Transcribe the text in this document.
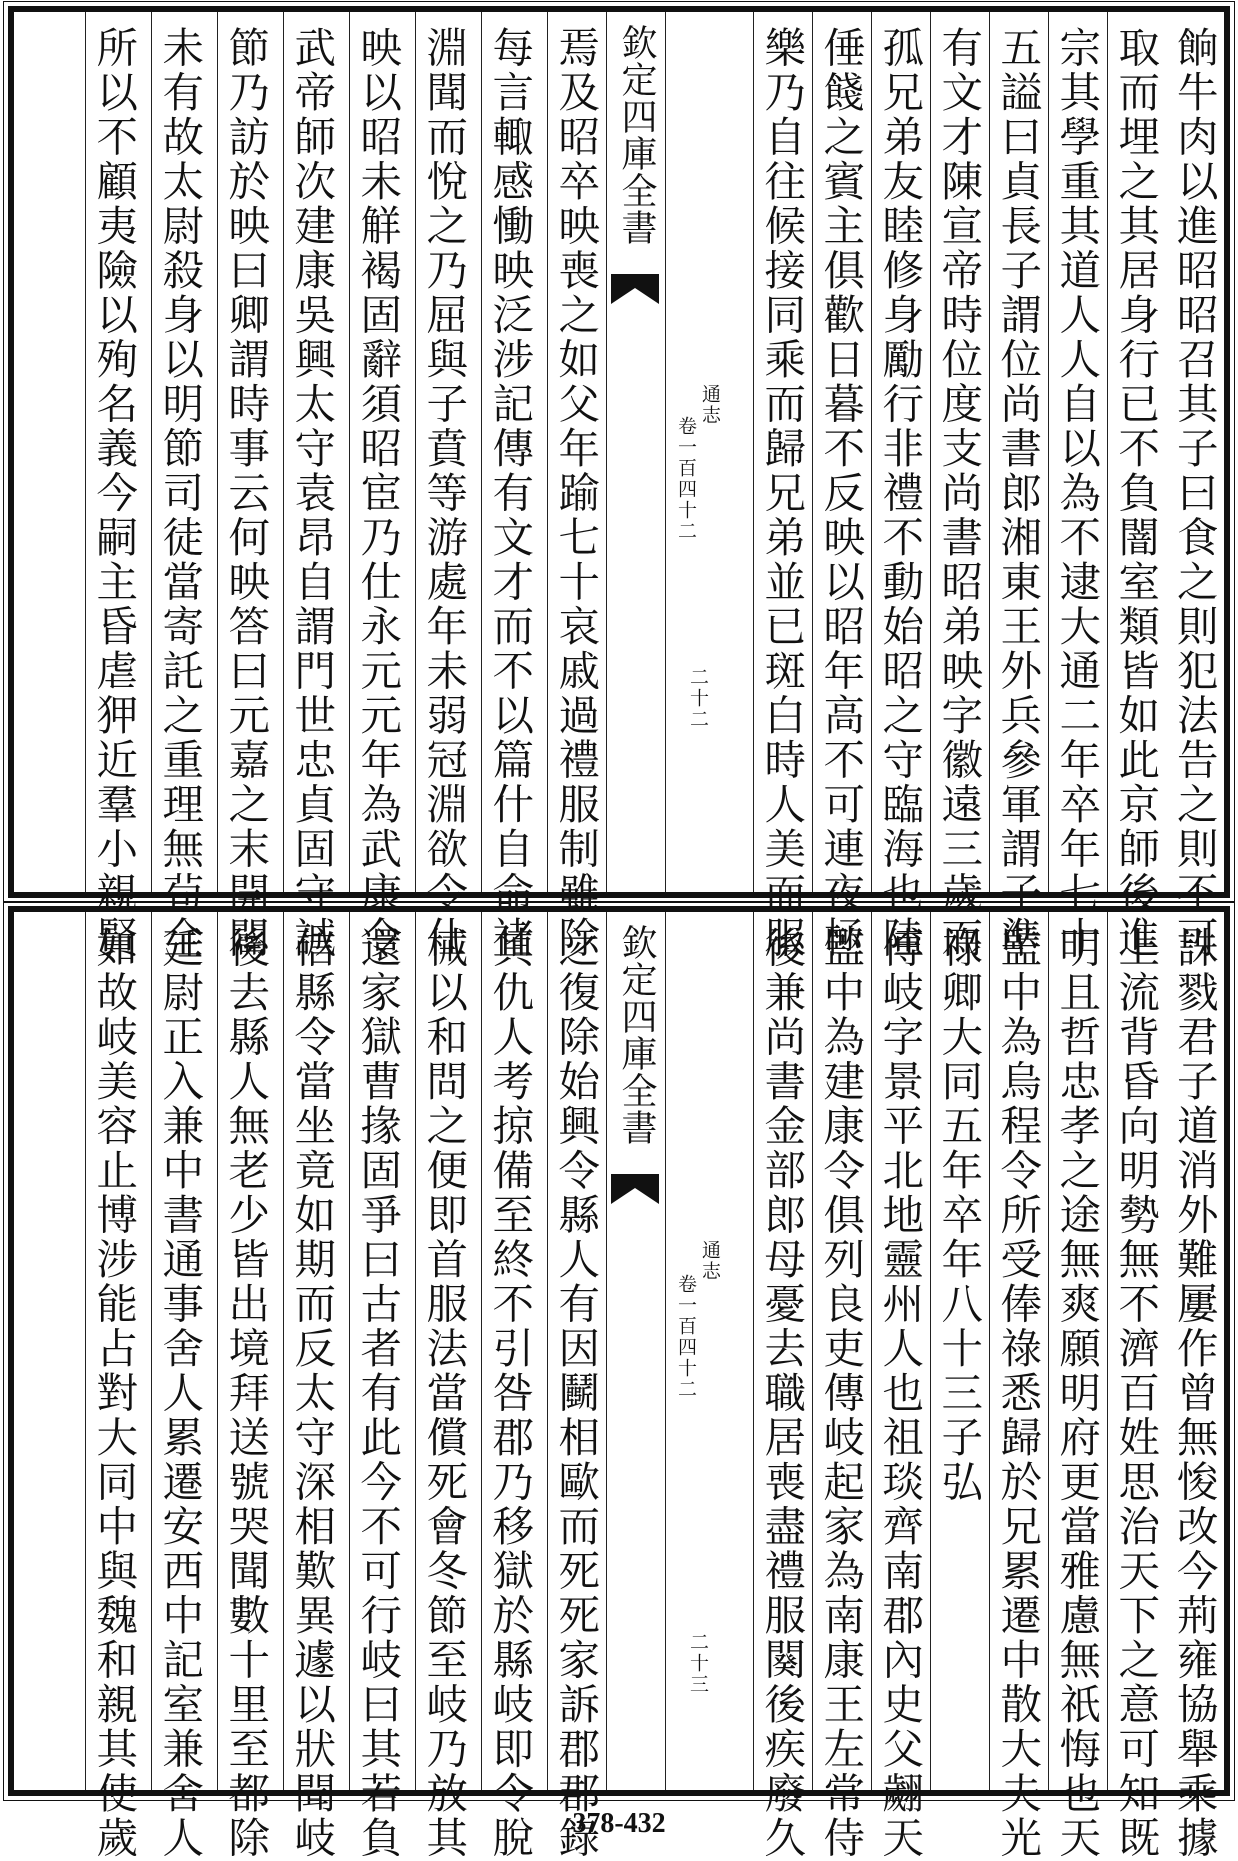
餉牛肉以進昭昭召其子曰食之則犯法告之則不可
取而埋之其居身行已不負闇室類皆如此京師後進
宗其學重其道人人自以為不逮大通二年卒年七十
五謚曰貞長子謂位尚書郎湘東王外兵參軍謂子準
有文才陳宣帝時位度支尚書昭弟映字徽遠三歲而
孤兄弟友睦修身勵行非禮不動始昭之守臨海也陸
倕餞之賓主俱歡日暮不反映以昭年高不可連夜極
樂乃自往候接同乘而歸兄弟並已斑白時人美而服
欽定四庫全書
通志
卷一百四十二
二十二
焉及昭卒映喪之如父年踰七十哀戚過禮服制雖除
每言輙感慟映泛涉記傳有文才而不以篇什自命褚
淵聞而悅之乃屈與子賁等游處年未弱冠淵欲令仕
映以昭未觧褐固辭須昭宦乃仕永元元年為武康令
武帝師次建康吳興太守袁昂自謂門世忠貞固守誠
節乃訪於映曰卿謂時事云何映答曰元嘉之末開闢
未有故太尉殺身以明節司徒當寄託之重理無茍全
所以不顧夷險以殉名義今嗣主昏虐狎近羣小親賢
誅戮君子道消外難屢作曾無悛改今荊雍協舉乘據
上流背昏向明勢無不濟百姓思治天下之意可知既
明且哲忠孝之途無爽願明府更當雅慮無祇悔也天
監中為烏程令所受俸祿悉歸於兄累遷中散大夫光
祿卿大同五年卒年八十三子弘
傅岐字景平北地靈州人也祖琰齊南郡內史父翽天
監中為建康令俱列良吏傳岐起家為南康王左常侍
後兼尚書金部郎母憂去職居喪盡禮服闋後疾廢久
欽定四庫全書
通志
卷一百四十二
二十三
之復除始興令縣人有因鬭相歐而死死家訴郡郡錄
其仇人考掠備至終不引咎郡乃移獄於縣岐即令脫
械以和問之便即首服法當償死會冬節至岐乃放其
還家獄曹掾固爭曰古者有此今不可行岐曰其若負
信縣令當坐竟如期而反太守深相歎異遽以狀聞岐
後去縣人無老少皆出境拜送號哭聞數十里至都除
廷尉正入兼中書通事舍人累遷安西中記室兼舍人
如故岐美容止博涉能占對大同中與魏和親其使歲	378-432
